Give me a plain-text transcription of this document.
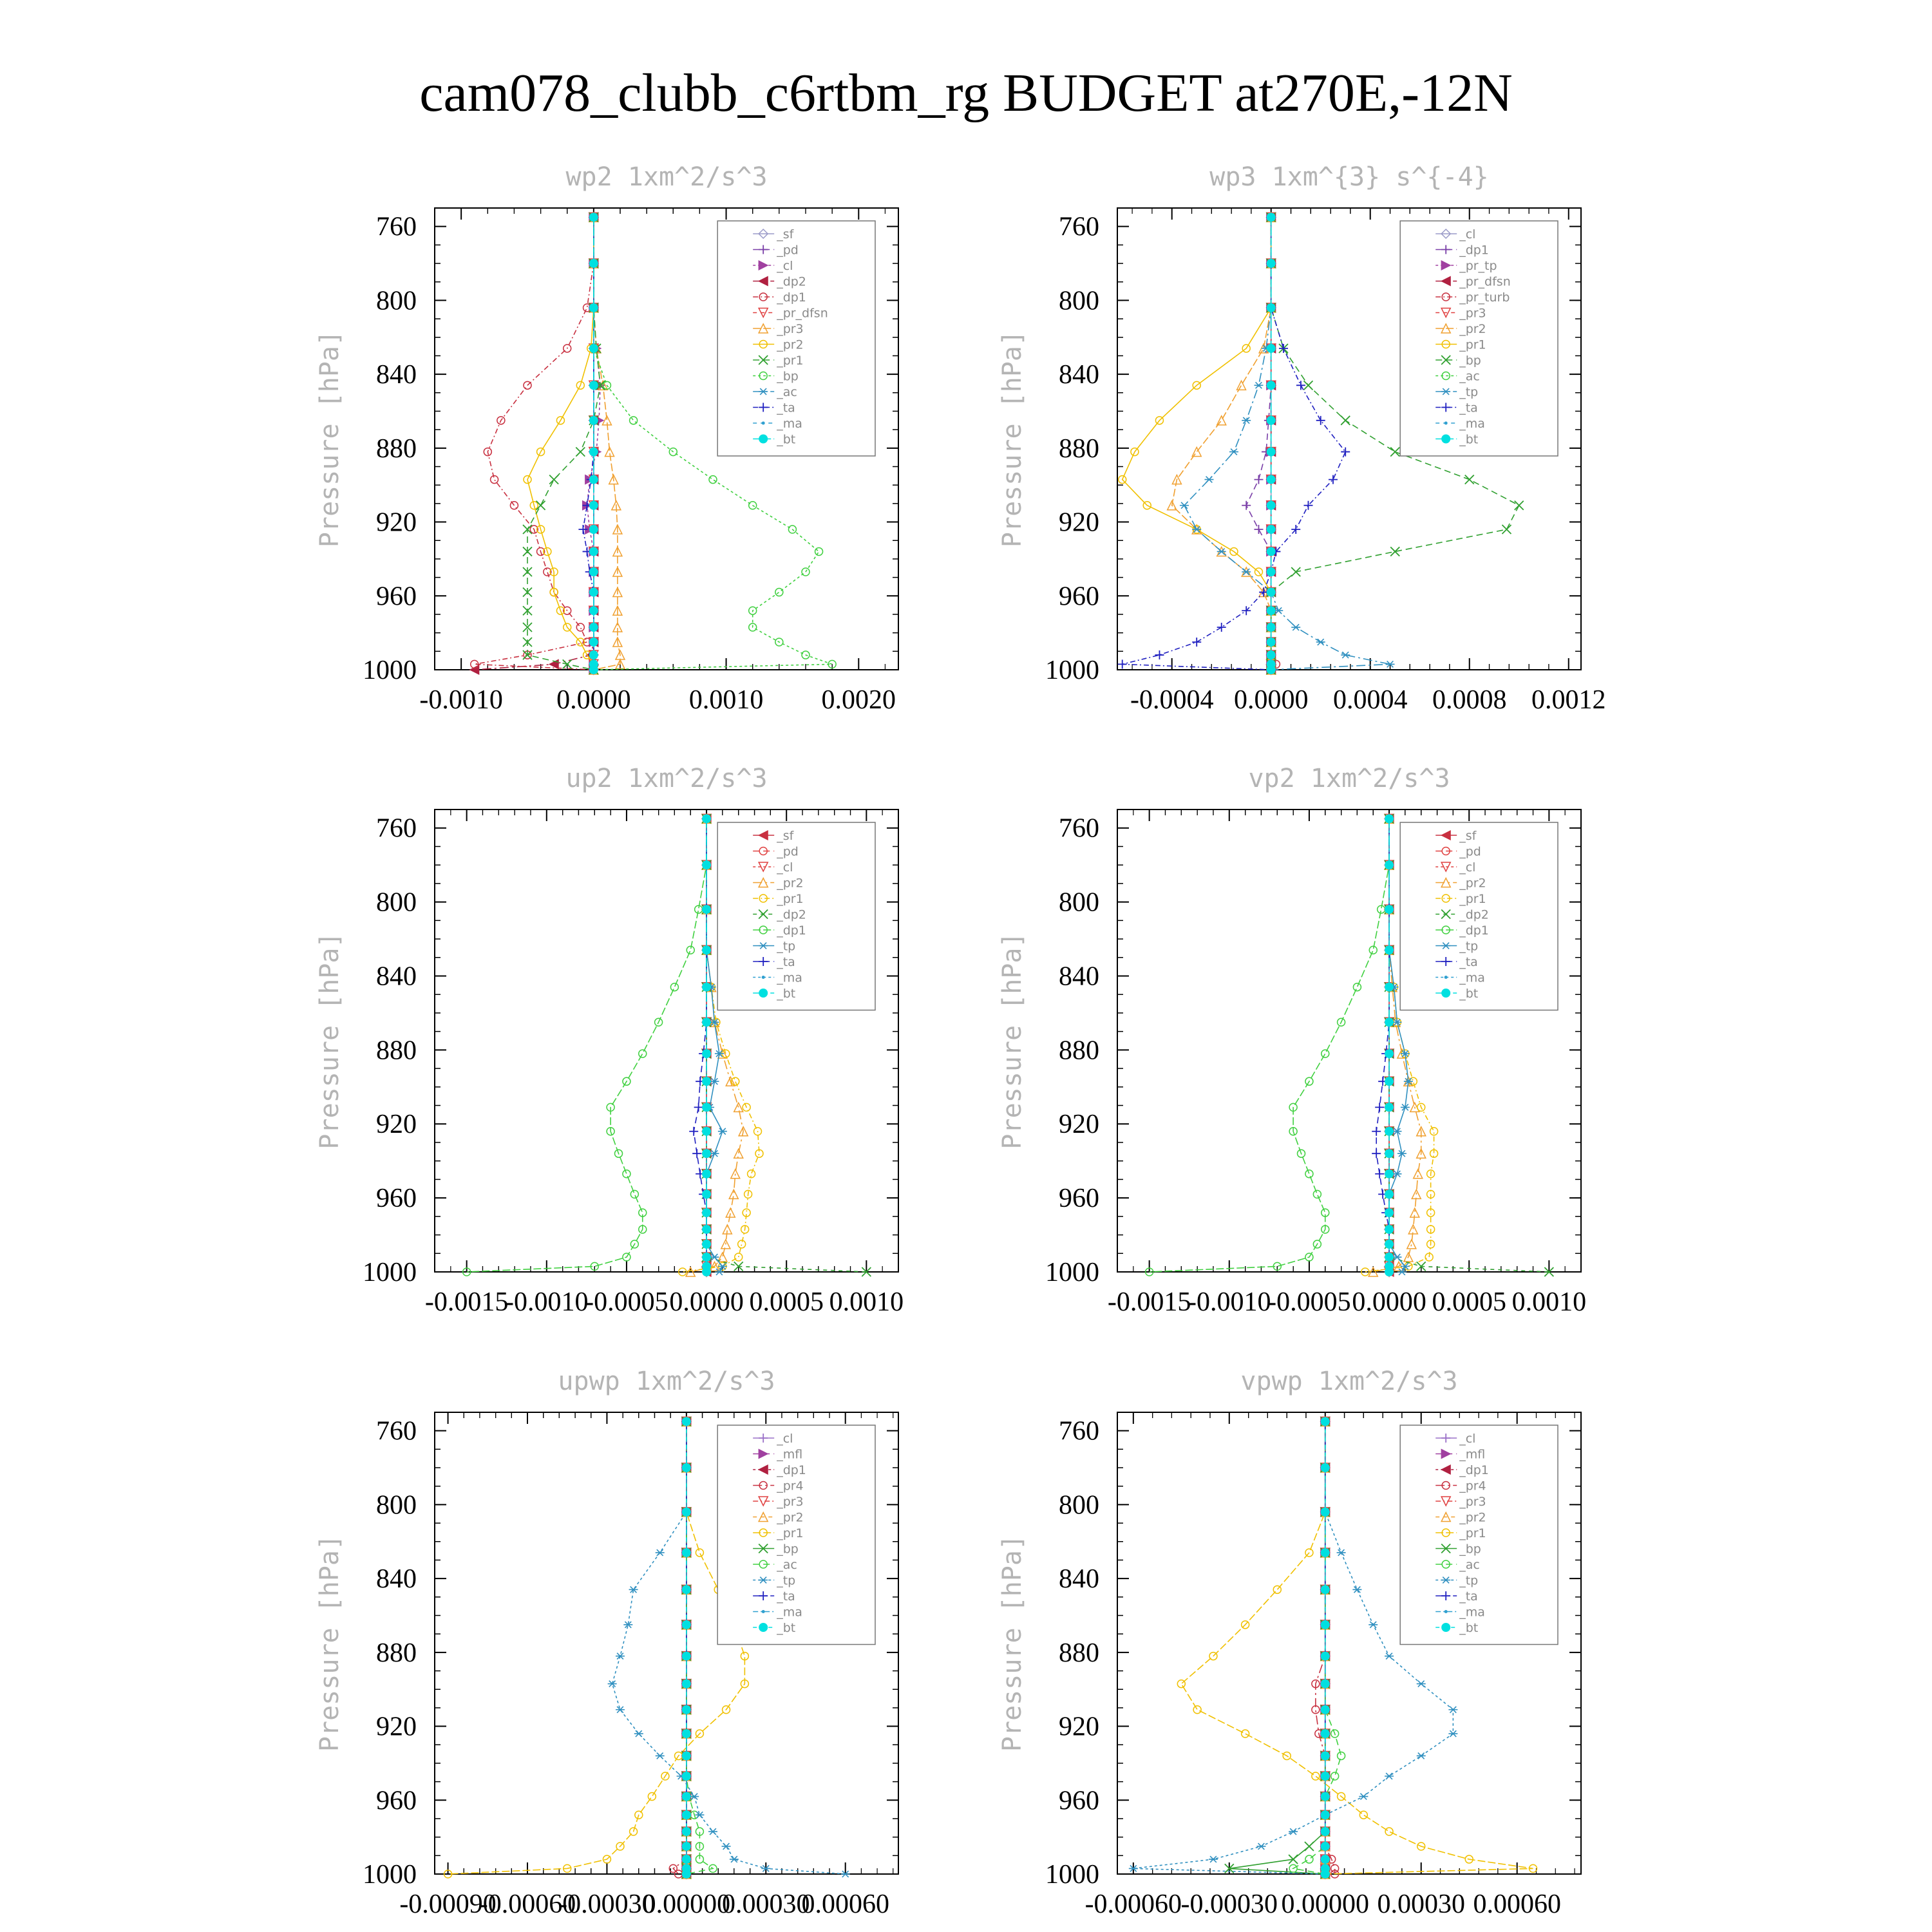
cam078_clubb_c6rtbm_rg BUDGET at270E,-12N
wp2 1xm^2/s^3
Pressure [hPa]
760
800
840
880
920
960
1000
-0.0010 0.0000 0.0010 0.0020
_sf
_pd
_cl
_dp2
_dp1
_pr_dfsn
_pr3
_pr2
_pr1
_bp
_ac
_ta
_ma
_bt
wp3 1xm^{3} s^{-4}
Pressure [hPa]
760
800
840
880
920
960
1000
-0.0004 0.0000 0.0004 0.0008 0.0012
_cl
_dp1
_pr_tp
_pr_dfsn
_pr_turb
_pr3
_pr2
_pr1
_bp
_ac
_tp
_ta
_ma
_bt
up2 1xm^2/s^3
Pressure [hPa]
760
800
840
880
920
960
1000
-0.0015
-0.0010
-0.0005 0.0000 0.0005 0.0010
_sf
_pd
_cl
_pr2
_pr1
_dp2
_dp1
_tp
_ta
_ma
_bt
vp2 1xm^2/s^3
Pressure [hPa]
760
800
840
880
920
960
1000
-0.0015
-0.0010
-0.0005 0.0000 0.0005 0.0010
_sf
_pd
_cl
_pr2
_pr1
_dp2
_dp1
_tp
_ta
_ma
_bt
upwp 1xm^2/s^3
Pressure [hPa]
760
800
840
880
920
960
1000
-0.00090
-0.00060
-0.00030
0.00000
0.00030
0.00060
_cl
_mfl
_dp1
_pr4
_pr3
_pr2
_pr1
_bp
_ac
_tp
_ta
_ma
_bt
vpwp 1xm^2/s^3
Pressure [hPa]
760
800
840
880
920
960
1000
-0.00060
-0.00030 0.00000 0.00030 0.00060
_cl
_mfl
_dp1
_pr4
_pr3
_pr2
_pr1
_bp
_ac
_tp
_ta
_ma
_bt
